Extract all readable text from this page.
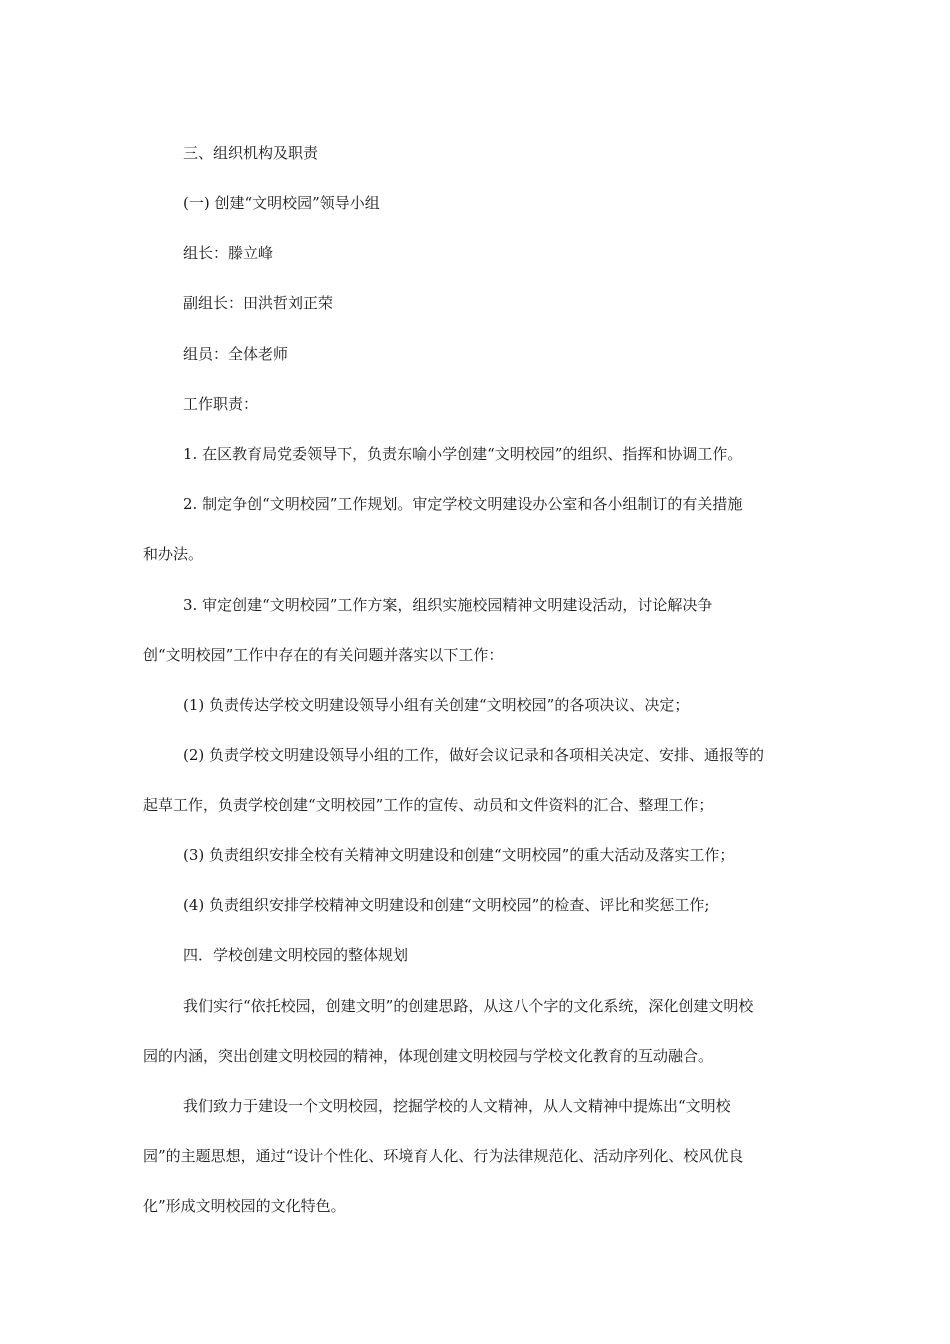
三、组织机构及职责
(一) 创建“文明校园”领导小组
组长：滕立峰
副组长：田洪哲刘正荣
组员：全体老师
工作职责：
1. 在区教育局党委领导下，负责东喻小学创建“文明校园”的组织、指挥和协调工作。
2. 制定争创“文明校园”工作规划。审定学校文明建设办公室和各小组制订的有关措施
和办法。
3. 审定创建“文明校园”工作方案，组织实施校园精神文明建设活动，讨论解决争
创“文明校园”工作中存在的有关问题并落实以下工作：
(1) 负责传达学校文明建设领导小组有关创建“文明校园”的各项决议、决定；
(2) 负责学校文明建设领导小组的工作，做好会议记录和各项相关决定、安排、通报等的
起草工作，负责学校创建“文明校园”工作的宣传、动员和文件资料的汇合、整理工作；
(3) 负责组织安排全校有关精神文明建设和创建“文明校园”的重大活动及落实工作；
(4) 负责组织安排学校精神文明建设和创建“文明校园”的检查、评比和奖惩工作;
四．学校创建文明校园的整体规划
我们实行“依托校园，创建文明”的创建思路，从这八个字的文化系统，深化创建文明校
园的内涵，突出创建文明校园的精神，体现创建文明校园与学校文化教育的互动融合。
我们致力于建设一个文明校园，挖掘学校的人文精神，从人文精神中提炼出“文明校
园”的主题思想，通过“设计个性化、环境育人化、行为法律规范化、活动序列化、校风优良
化”形成文明校园的文化特色。
